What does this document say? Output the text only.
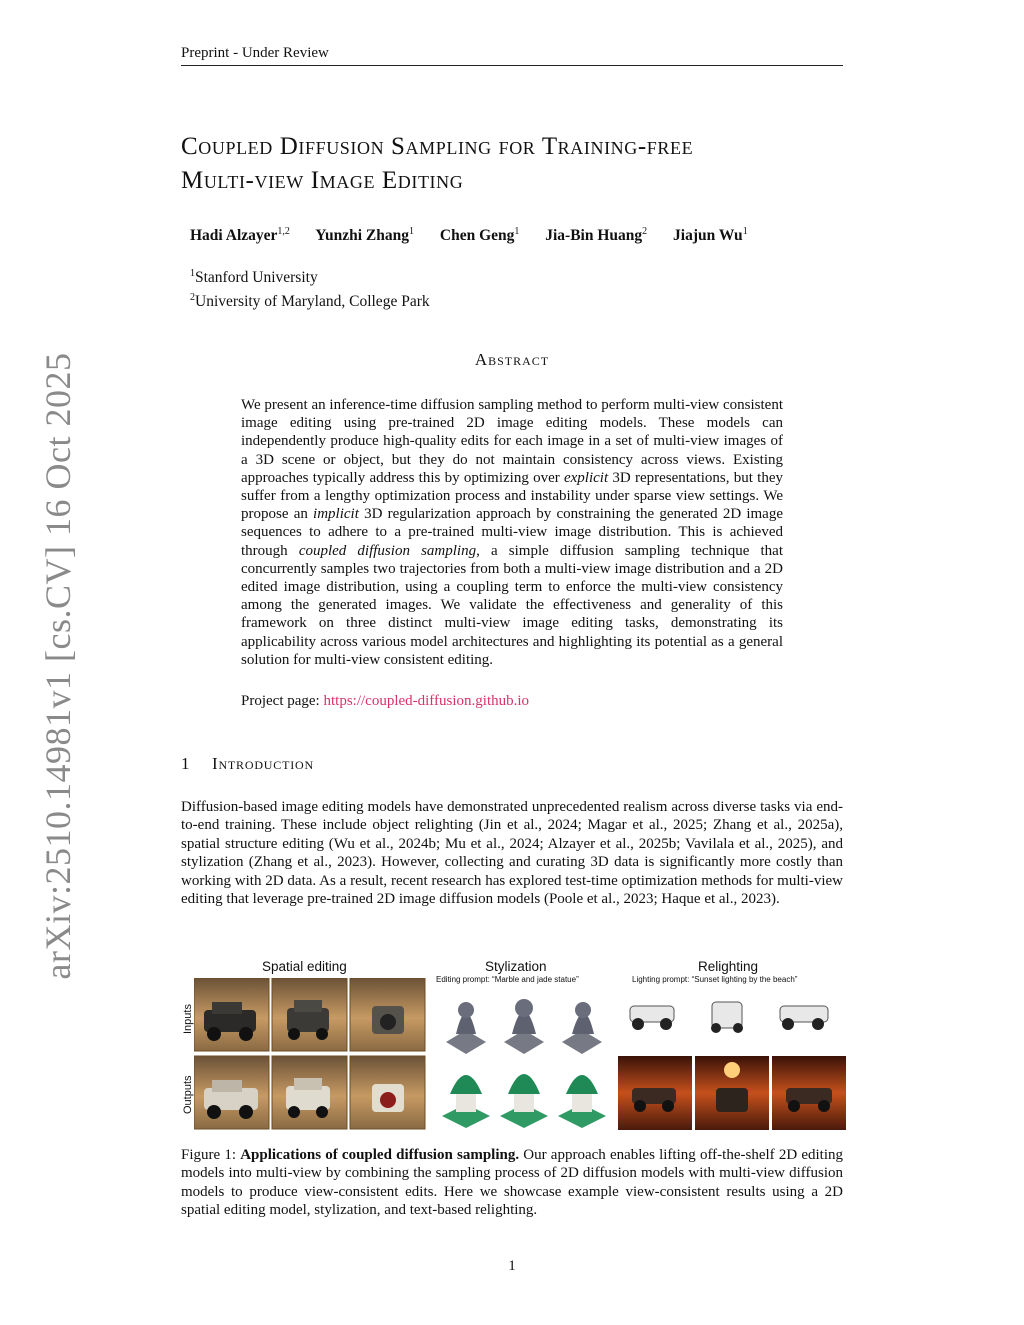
Preprint - Under Review
Coupled Diffusion Sampling for Training-free
Multi-view Image Editing
Hadi Alzayer$^{1,2}$ Yunzhi Zhang$^1$ Chen Geng$^1$ Jia-Bin Huang$^2$ Jiajun Wu$^1$
$^1$Stanford University
$^2$University of Maryland, College Park
Abstract
We present an inference-time diffusion sampling method to perform multi-view consistent image editing using pre-trained 2D image editing models. These models can independently produce high-quality edits for each image in a set of multi-view images of a 3D scene or object, but they do not maintain consistency across views. Existing approaches typically address this by optimizing over explicit 3D representations, but they suffer from a lengthy optimization process and instability under sparse view settings. We propose an implicit 3D regularization approach by constraining the generated 2D image sequences to adhere to a pre-trained multi-view image distribution. This is achieved through coupled diffusion sampling, a simple diffusion sampling technique that concurrently samples two trajectories from both a multi-view image distribution and a 2D edited image distribution, using a coupling term to enforce the multi-view consistency among the generated images. We validate the effectiveness and generality of this framework on three distinct multi-view image editing tasks, demonstrating its applicability across various model architectures and highlighting its potential as a general solution for multi-view consistent editing.
Project page: https://coupled-diffusion.github.io
1 Introduction
Diffusion-based image editing models have demonstrated unprecedented realism across diverse tasks via end-to-end training. These include object relighting (Jin et al., 2024; Magar et al., 2025; Zhang et al., 2025a), spatial structure editing (Wu et al., 2024b; Mu et al., 2024; Alzayer et al., 2025b; Vavilala et al., 2025), and stylization (Zhang et al., 2023). However, collecting and curating 3D data is significantly more costly than working with 2D data. As a result, recent research has explored test-time optimization methods for multi-view editing that leverage pre-trained 2D image diffusion models (Poole et al., 2023; Haque et al., 2023).
Inputs
Outputs
Spatial editing	Stylization
Editing prompt: “Marble and jade statue”
Relighting
Lighting prompt: “Sunset lighting by the beach”
Figure 1: Applications of coupled diffusion sampling. Our approach enables lifting off-the-shelf 2D editing models into multi-view by combining the sampling process of 2D diffusion models with multi-view diffusion models to produce view-consistent edits. Here we showcase example view-consistent results using a 2D spatial editing model, stylization, and text-based relighting.
arXiv:2510.14981v1 [cs.CV] 16 Oct 2025
1
